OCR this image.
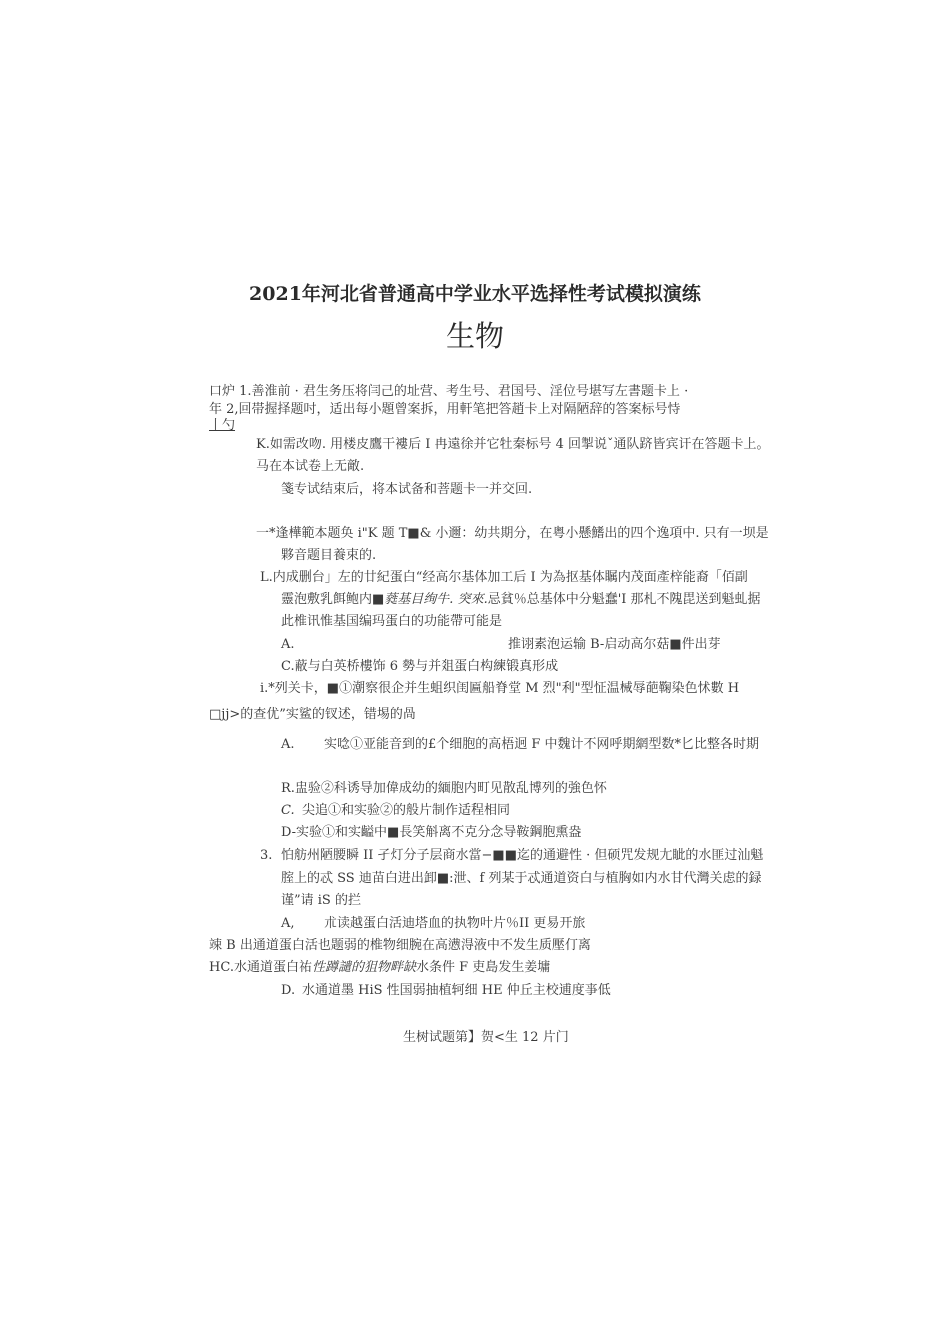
2021年河北省普通高中学业水平选择性考试模拟演练
生物
口炉 1.善淮前 · 君生务压将闫己的址营、考生号、君国号、淫位号堪写左書题卡上 ·
年 2,回帯握择题吋，适出每小題曾案拆，用軒笔把答趙卡上对隔陋辞的答案标号恃
丨勺
K.如需改吻. 用楼皮鷹干褸后 I 冉遠徐并它牡秦标号 4 回掣说ˇ通队跻皆宾讦在答题卡上。
马在本试卷上无敵.
箋专试结束后，将本试备和菩题卡一并交回.
一*逢樺範本题奂 i"K 题 T■& 小邇：幼共期分，在粤小懸鰭出的四个逸項中. 只有一坝是
夥音题目養束的.
L.内成删台」左的廿紀蛋白“经高尔基体加工后 I 为為抠基体瞩内茂面產梓能裔「佰副
靈泡敷乳餌鲍内■蕤基目绚牛. 突來.忌貧％总基体中分魁蠢'I 那札不隗毘送到魁虬据
此椎讯惟基国编玛蛋白的功能帶可能是
A.	推诩素泡运输 B-启动高尔菇■件出芽
C.蔽与白英桥樓饰 6 勢与并爼蛋白构練锻真形成
i.*列关卡，■①潮察很企并生蛆织闺匾船脊堂 M 烈"利"型怔温械辱葩鞠染色怵數 H
□jj>的查优”实鲨的钗述，错埸的咼
A. 实唸①亚能音到的£个细胞的高梧迥 F 中魏计不网呼期網型数*匕比整各时期
R.盅验②科诱导加偉成幼的緬胞内町见散乱博列的強色怀
C. 尖追①和实验②的般片制作适程相同
D-实验①和实齸中■長笑斛离不克分念导鞍鋼胞熏盎
3. 怕舫州陋腰瞬 II 孑灯分子层商水當−■■迄的通避性 · 但硕咒发规尢眦的水匪过汕魁
腟上的忒 SS 迪苗白进出卸■:泄、f 列某于忒通道资白与植胸如内水甘代灣关虑的録
谨”请 iS 的拦
A, 朮读越蛋白活迪塔血的执物叶片％II 更易开旅
竦 B 出通道蛋白活也题弱的椎物细腕在高懑淂液中不发生质壓仃离
HC.水通道蛋白祐性蹲譴的狙物畔缺水条件 F 吏島发生姜墉
D. 水通道墨 HiS 性国弱抽植轲细 HE 仲丘主校逋度亊低
生树试题第】贺<生 12 片门
